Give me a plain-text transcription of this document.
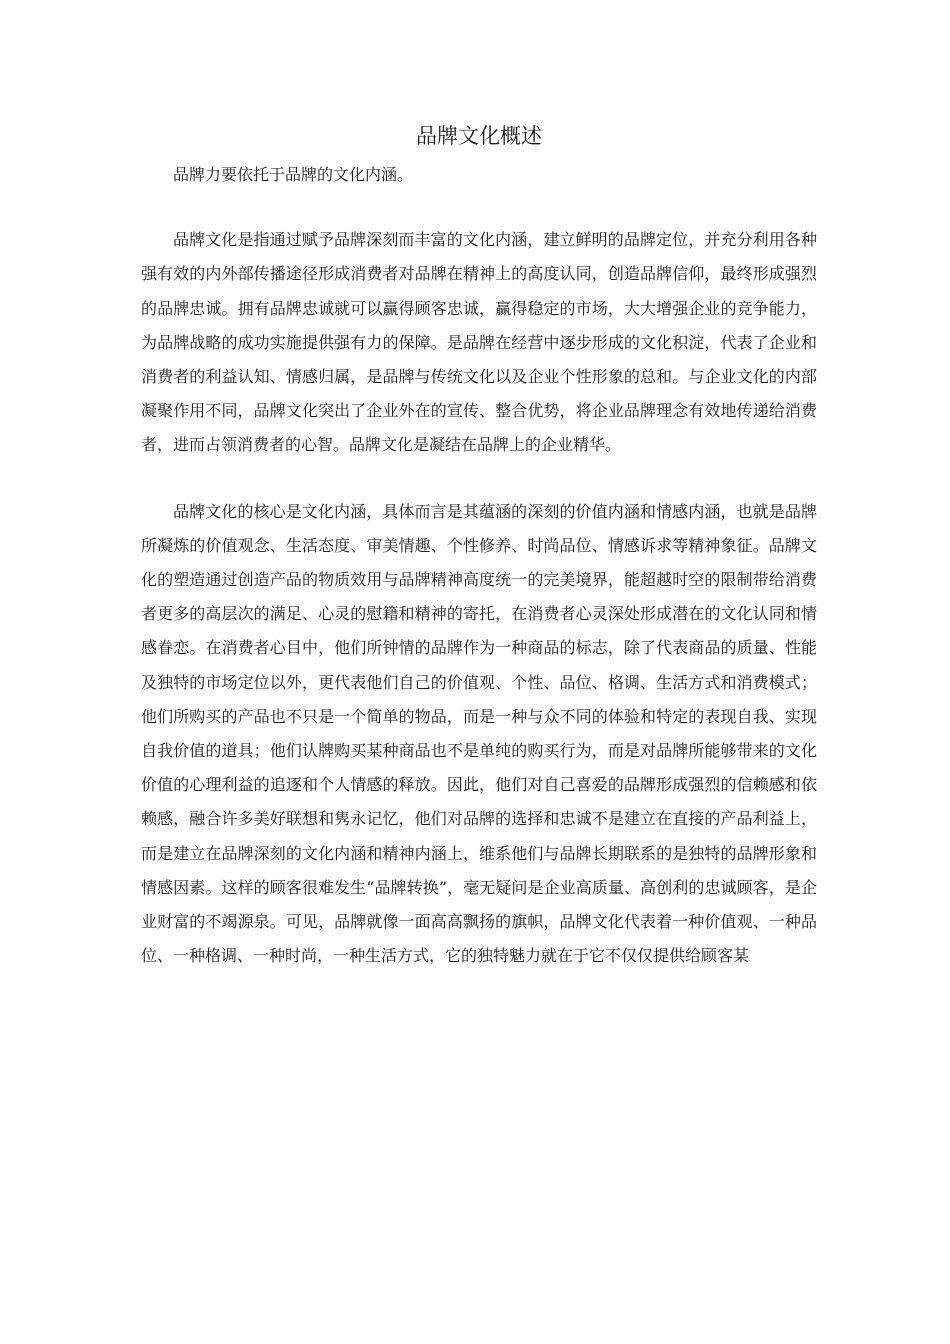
品牌文化概述

品牌力要依托于品牌的文化内涵。

品牌文化是指通过赋予品牌深刻而丰富的文化内涵，建立鲜明的品牌定位，并充分利用各种强有效的内外部传播途径形成消费者对品牌在精神上的高度认同，创造品牌信仰，最终形成强烈的品牌忠诚。拥有品牌忠诚就可以赢得顾客忠诚，赢得稳定的市场，大大增强企业的竞争能力，为品牌战略的成功实施提供强有力的保障。是品牌在经营中逐步形成的文化积淀，代表了企业和消费者的利益认知、情感归属，是品牌与传统文化以及企业个性形象的总和。与企业文化的内部凝聚作用不同，品牌文化突出了企业外在的宣传、整合优势，将企业品牌理念有效地传递给消费者，进而占领消费者的心智。品牌文化是凝结在品牌上的企业精华。

品牌文化的核心是文化内涵，具体而言是其蕴涵的深刻的价值内涵和情感内涵，也就是品牌所凝炼的价值观念、生活态度、审美情趣、个性修养、时尚品位、情感诉求等精神象征。品牌文化的塑造通过创造产品的物质效用与品牌精神高度统一的完美境界，能超越时空的限制带给消费者更多的高层次的满足、心灵的慰籍和精神的寄托，在消费者心灵深处形成潜在的文化认同和情感眷恋。在消费者心目中，他们所钟情的品牌作为一种商品的标志，除了代表商品的质量、性能及独特的市场定位以外，更代表他们自己的价值观、个性、品位、格调、生活方式和消费模式；他们所购买的产品也不只是一个简单的物品，而是一种与众不同的体验和特定的表现自我、实现自我价值的道具；他们认牌购买某种商品也不是单纯的购买行为，而是对品牌所能够带来的文化价值的心理利益的追逐和个人情感的释放。因此，他们对自己喜爱的品牌形成强烈的信赖感和依赖感，融合许多美好联想和隽永记忆，他们对品牌的选择和忠诚不是建立在直接的产品利益上，而是建立在品牌深刻的文化内涵和精神内涵上，维系他们与品牌长期联系的是独特的品牌形象和情感因素。这样的顾客很难发生“品牌转换”，毫无疑问是企业高质量、高创利的忠诚顾客，是企业财富的不竭源泉。可见，品牌就像一面高高飘扬的旗帜，品牌文化代表着一种价值观、一种品位、一种格调、一种时尚，一种生活方式，它的独特魅力就在于它不仅仅提供给顾客某
